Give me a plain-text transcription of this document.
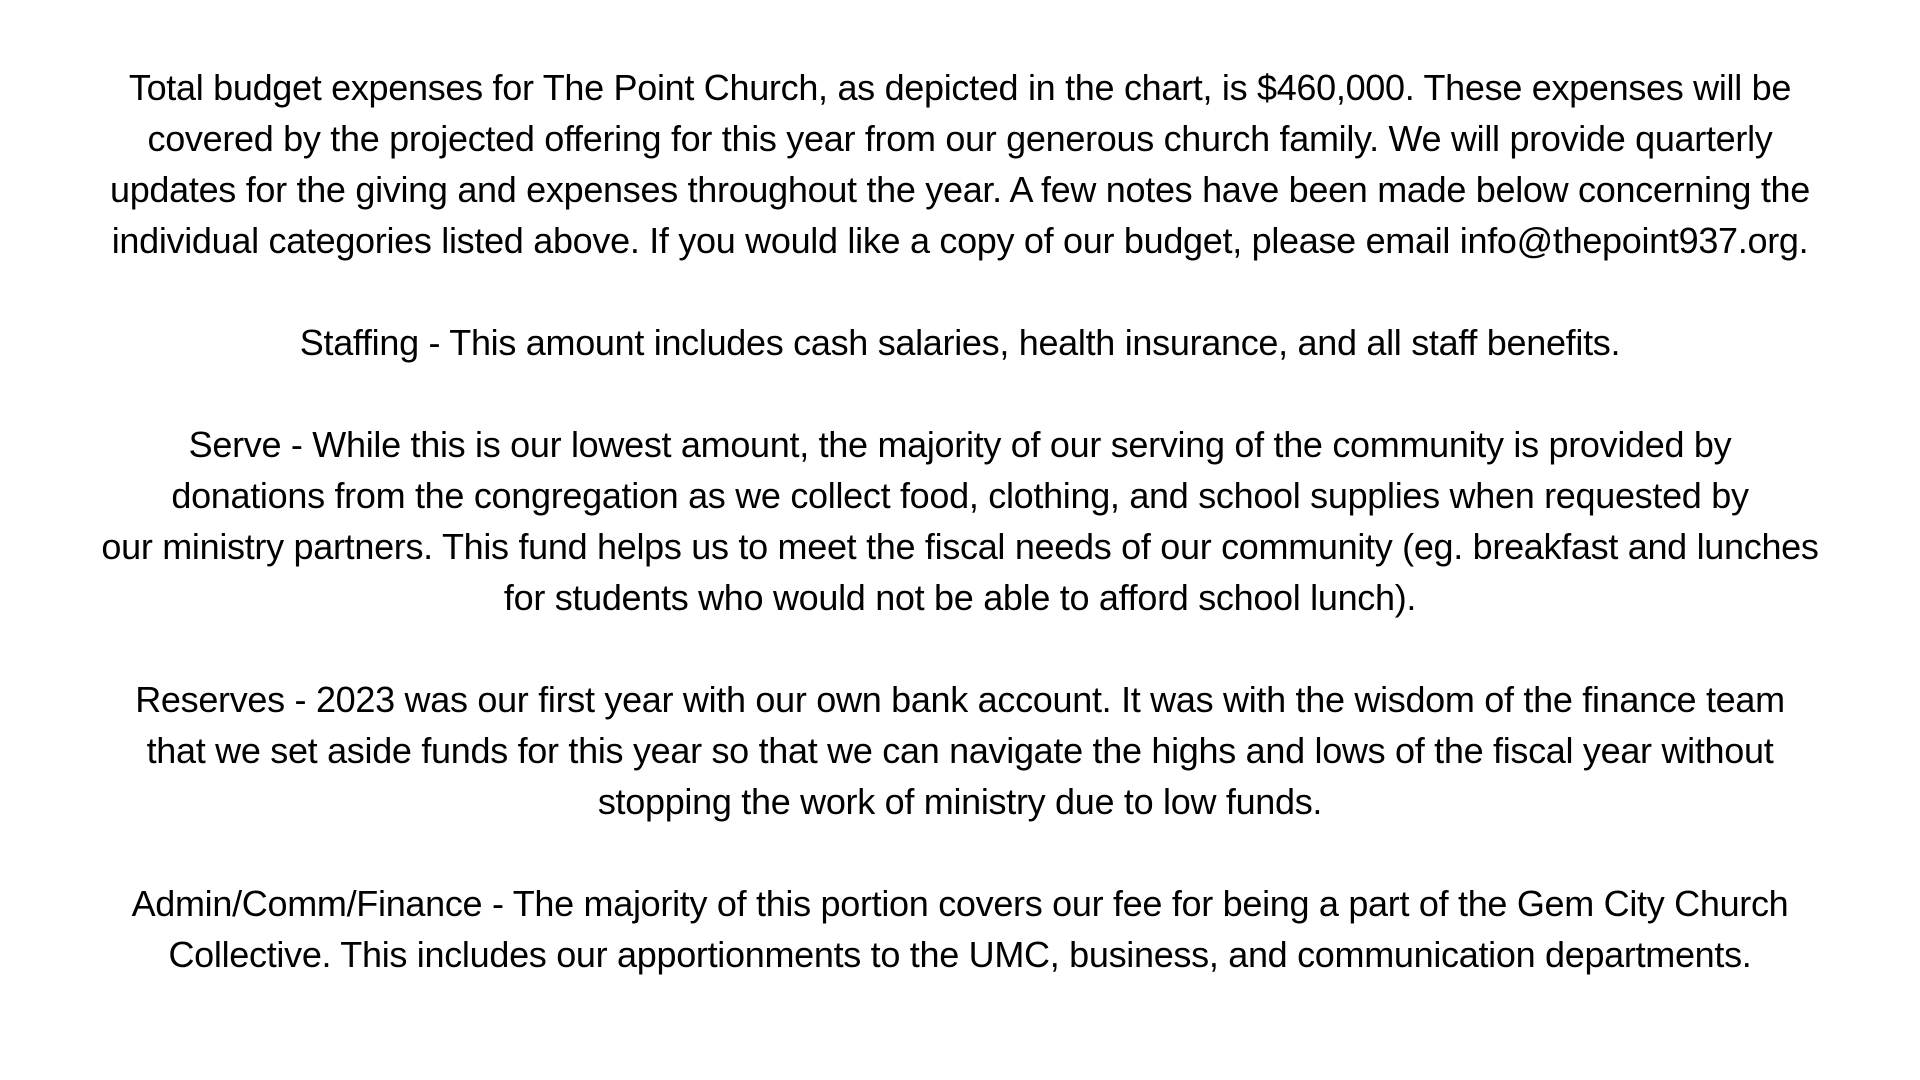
Total budget expenses for The Point Church, as depicted in the chart, is $460,000. These expenses will be
covered by the projected offering for this year from our generous church family. We will provide quarterly
updates for the giving and expenses throughout the year. A few notes have been made below concerning the
individual categories listed above. If you would like a copy of our budget, please email info@thepoint937.org.

Staffing - This amount includes cash salaries, health insurance, and all staff benefits.

Serve - While this is our lowest amount, the majority of our serving of the community is provided by
donations from the congregation as we collect food, clothing, and school supplies when requested by
our ministry partners. This fund helps us to meet the fiscal needs of our community (eg. breakfast and lunches
for students who would not be able to afford school lunch).

Reserves - 2023 was our first year with our own bank account. It was with the wisdom of the finance team
that we set aside funds for this year so that we can navigate the highs and lows of the fiscal year without
stopping the work of ministry due to low funds.

Admin/Comm/Finance - The majority of this portion covers our fee for being a part of the Gem City Church
Collective. This includes our apportionments to the UMC, business, and communication departments.
